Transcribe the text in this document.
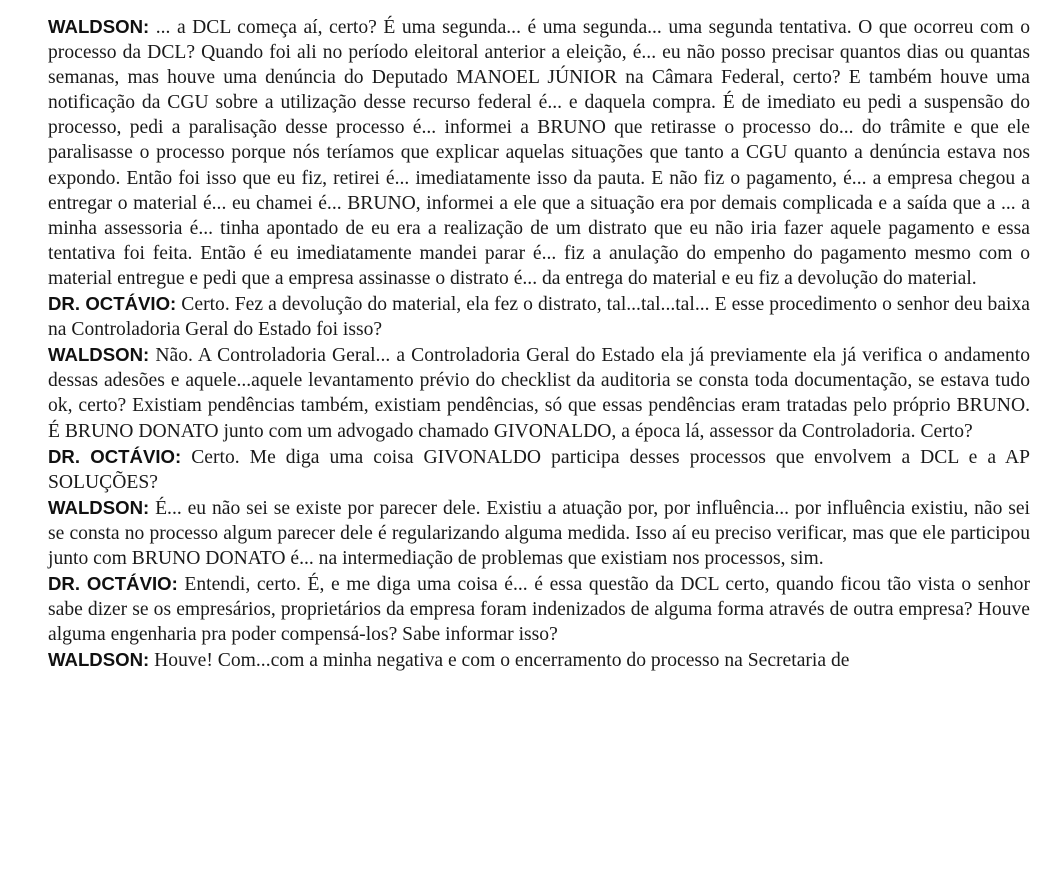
WALDSON: ... a DCL começa aí, certo? É uma segunda... é uma segunda... uma segunda tentativa. O que ocorreu com o processo da DCL? Quando foi ali no período eleitoral anterior a eleição, é... eu não posso precisar quantos dias ou quantas semanas, mas houve uma denúncia do Deputado MANOEL JÚNIOR na Câmara Federal, certo? E também houve uma notificação da CGU sobre a utilização desse recurso federal é... e daquela compra. É de imediato eu pedi a suspensão do processo, pedi a paralisação desse processo é... informei a BRUNO que retirasse o processo do... do trâmite e que ele paralisasse o processo porque nós teríamos que explicar aquelas situações que tanto a CGU quanto a denúncia estava nos expondo. Então foi isso que eu fiz, retirei é... imediatamente isso da pauta. E não fiz o pagamento, é... a empresa chegou a entregar o material é... eu chamei é... BRUNO, informei a ele que a situação era por demais complicada e a saída que a ... a minha assessoria é... tinha apontado de eu era a realização de um distrato que eu não iria fazer aquele pagamento e essa tentativa foi feita. Então é eu imediatamente mandei parar é... fiz a anulação do empenho do pagamento mesmo com o material entregue e pedi que a empresa assinasse o distrato é... da entrega do material e eu fiz a devolução do material.

DR. OCTÁVIO: Certo. Fez a devolução do material, ela fez o distrato, tal...tal...tal... E esse procedimento o senhor deu baixa na Controladoria Geral do Estado foi isso?

WALDSON: Não. A Controladoria Geral... a Controladoria Geral do Estado ela já previamente ela já verifica o andamento dessas adesões e aquele...aquele levantamento prévio do checklist da auditoria se consta toda documentação, se estava tudo ok, certo? Existiam pendências também, existiam pendências, só que essas pendências eram tratadas pelo próprio BRUNO. É BRUNO DONATO junto com um advogado chamado GIVONALDO, a época lá, assessor da Controladoria. Certo?

DR. OCTÁVIO: Certo. Me diga uma coisa GIVONALDO participa desses processos que envolvem a DCL e a AP SOLUÇÕES?

WALDSON: É... eu não sei se existe por parecer dele. Existiu a atuação por, por influência... por influência existiu, não sei se consta no processo algum parecer dele é regularizando alguma medida. Isso aí eu preciso verificar, mas que ele participou junto com BRUNO DONATO é... na intermediação de problemas que existiam nos processos, sim.

DR. OCTÁVIO: Entendi, certo. É, e me diga uma coisa é... é essa questão da DCL certo, quando ficou tão vista o senhor sabe dizer se os empresários, proprietários da empresa foram indenizados de alguma forma através de outra empresa? Houve alguma engenharia pra poder compensá-los? Sabe informar isso?

WALDSON: Houve! Com...com a minha negativa e com o encerramento do processo na Secretaria de
